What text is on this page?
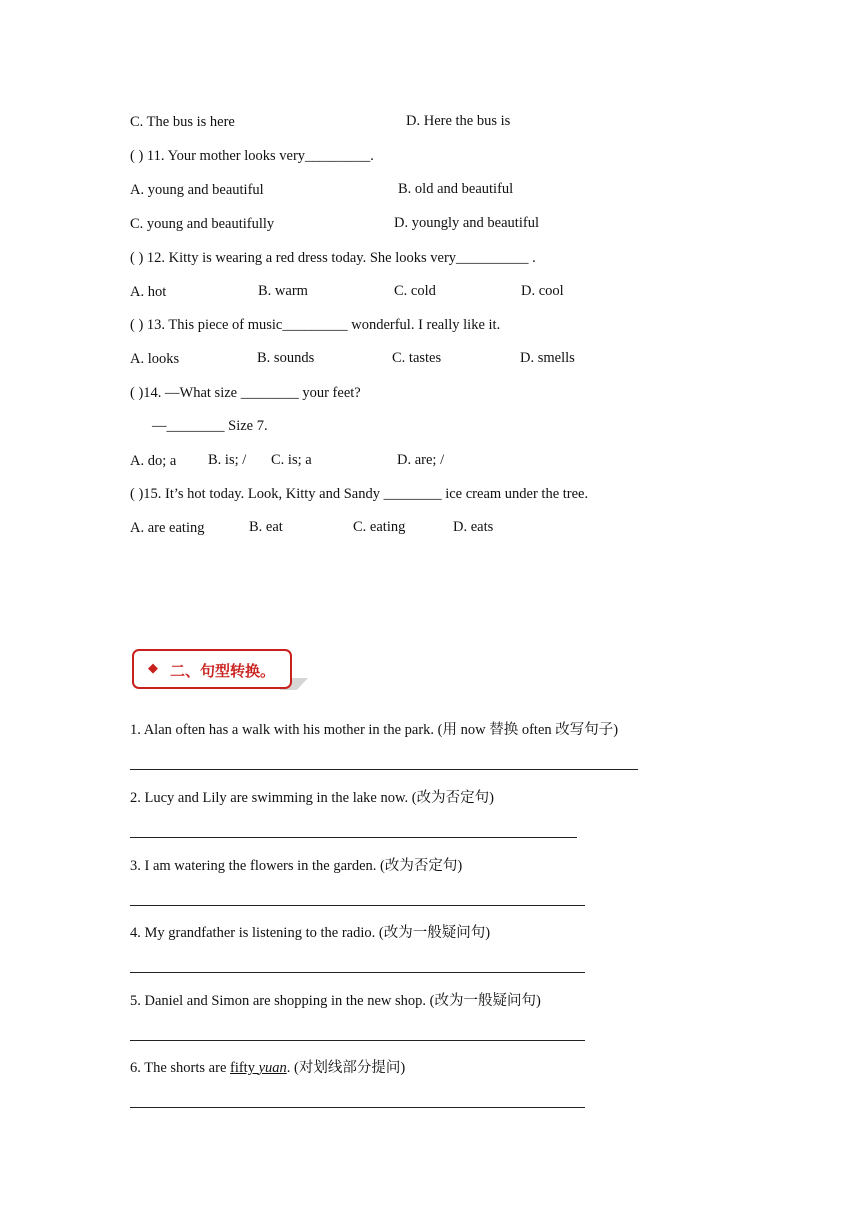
C. The bus is here	D. Here the bus is
( ) 11. Your mother looks very_________.
A. young and beautiful	B. old and beautiful
C. young and beautifully	D. youngly and beautiful
( ) 12. Kitty is wearing a red dress today. She looks very__________ .
A. hot	B. warm	C. cold	D. cool
( ) 13. This piece of music_________ wonderful. I really like it.
A. looks	B. sounds	C. tastes	D. smells
( )14. —What size ________ your feet?
—________ Size 7.
A. do; a B. is; / C. is; a	D. are; /
( )15. It’s hot today. Look, Kitty and Sandy ________ ice cream under the tree.
A. are eating	B. eat	C. eating	D. eats
◆ 二、句型转换。
1. Alan often has a walk with his mother in the park. (用 now 替换 often 改写句子)
2. Lucy and Lily are swimming in the lake now. (改为否定句)
3. I am watering the flowers in the garden. (改为否定句)
4. My grandfather is listening to the radio. (改为一般疑问句)
5. Daniel and Simon are shopping in the new shop. (改为一般疑问句)
6. The shorts are fifty yuan. (对划线部分提问)
